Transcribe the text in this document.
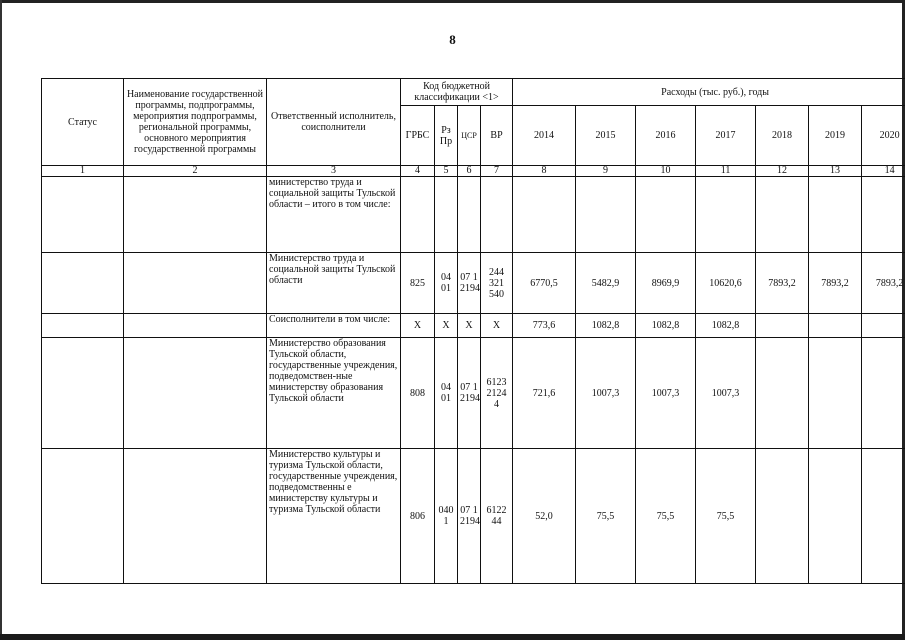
8
Статус	Наименование государственной программы, подпрограммы, мероприятия подпрограммы, региональной программы, основного мероприятия государственной программы	Ответственный исполнитель, соисполнители	Код бюджетной классификации <1>				Расходы (тыс. руб.), годы						
			ГРБС	Рз Пр	ЦСР	ВР	2014	2015	2016	2017	2018	2019	2020
1	2	3	4	5	6	7	8	9	10	11	12	13	14
		министерство труда и социальной защиты Тульской области – итого в том числе:											
		Министерство труда и социальной защиты Тульской области	825	04 01	07 1 2194	244 321 540	6770,5	5482,9	8969,9	10620,6	7893,2	7893,2	7893,2
		Соисполнители в том числе:	Х	Х	Х	Х	773,6	1082,8	1082,8	1082,8			
		Министерство образования Тульской области, государственные учреждения, подведомствен-ные министерству образования Тульской области	808	04 01	07 1 2194	6123 2124 4	721,6	1007,3	1007,3	1007,3			
		Министерство культуры и туризма Тульской области, государственные учреждения, подведомственны е министерству культуры и туризма Тульской области	806	040 1	07 1 2194	6122 44	52,0	75,5	75,5	75,5			
